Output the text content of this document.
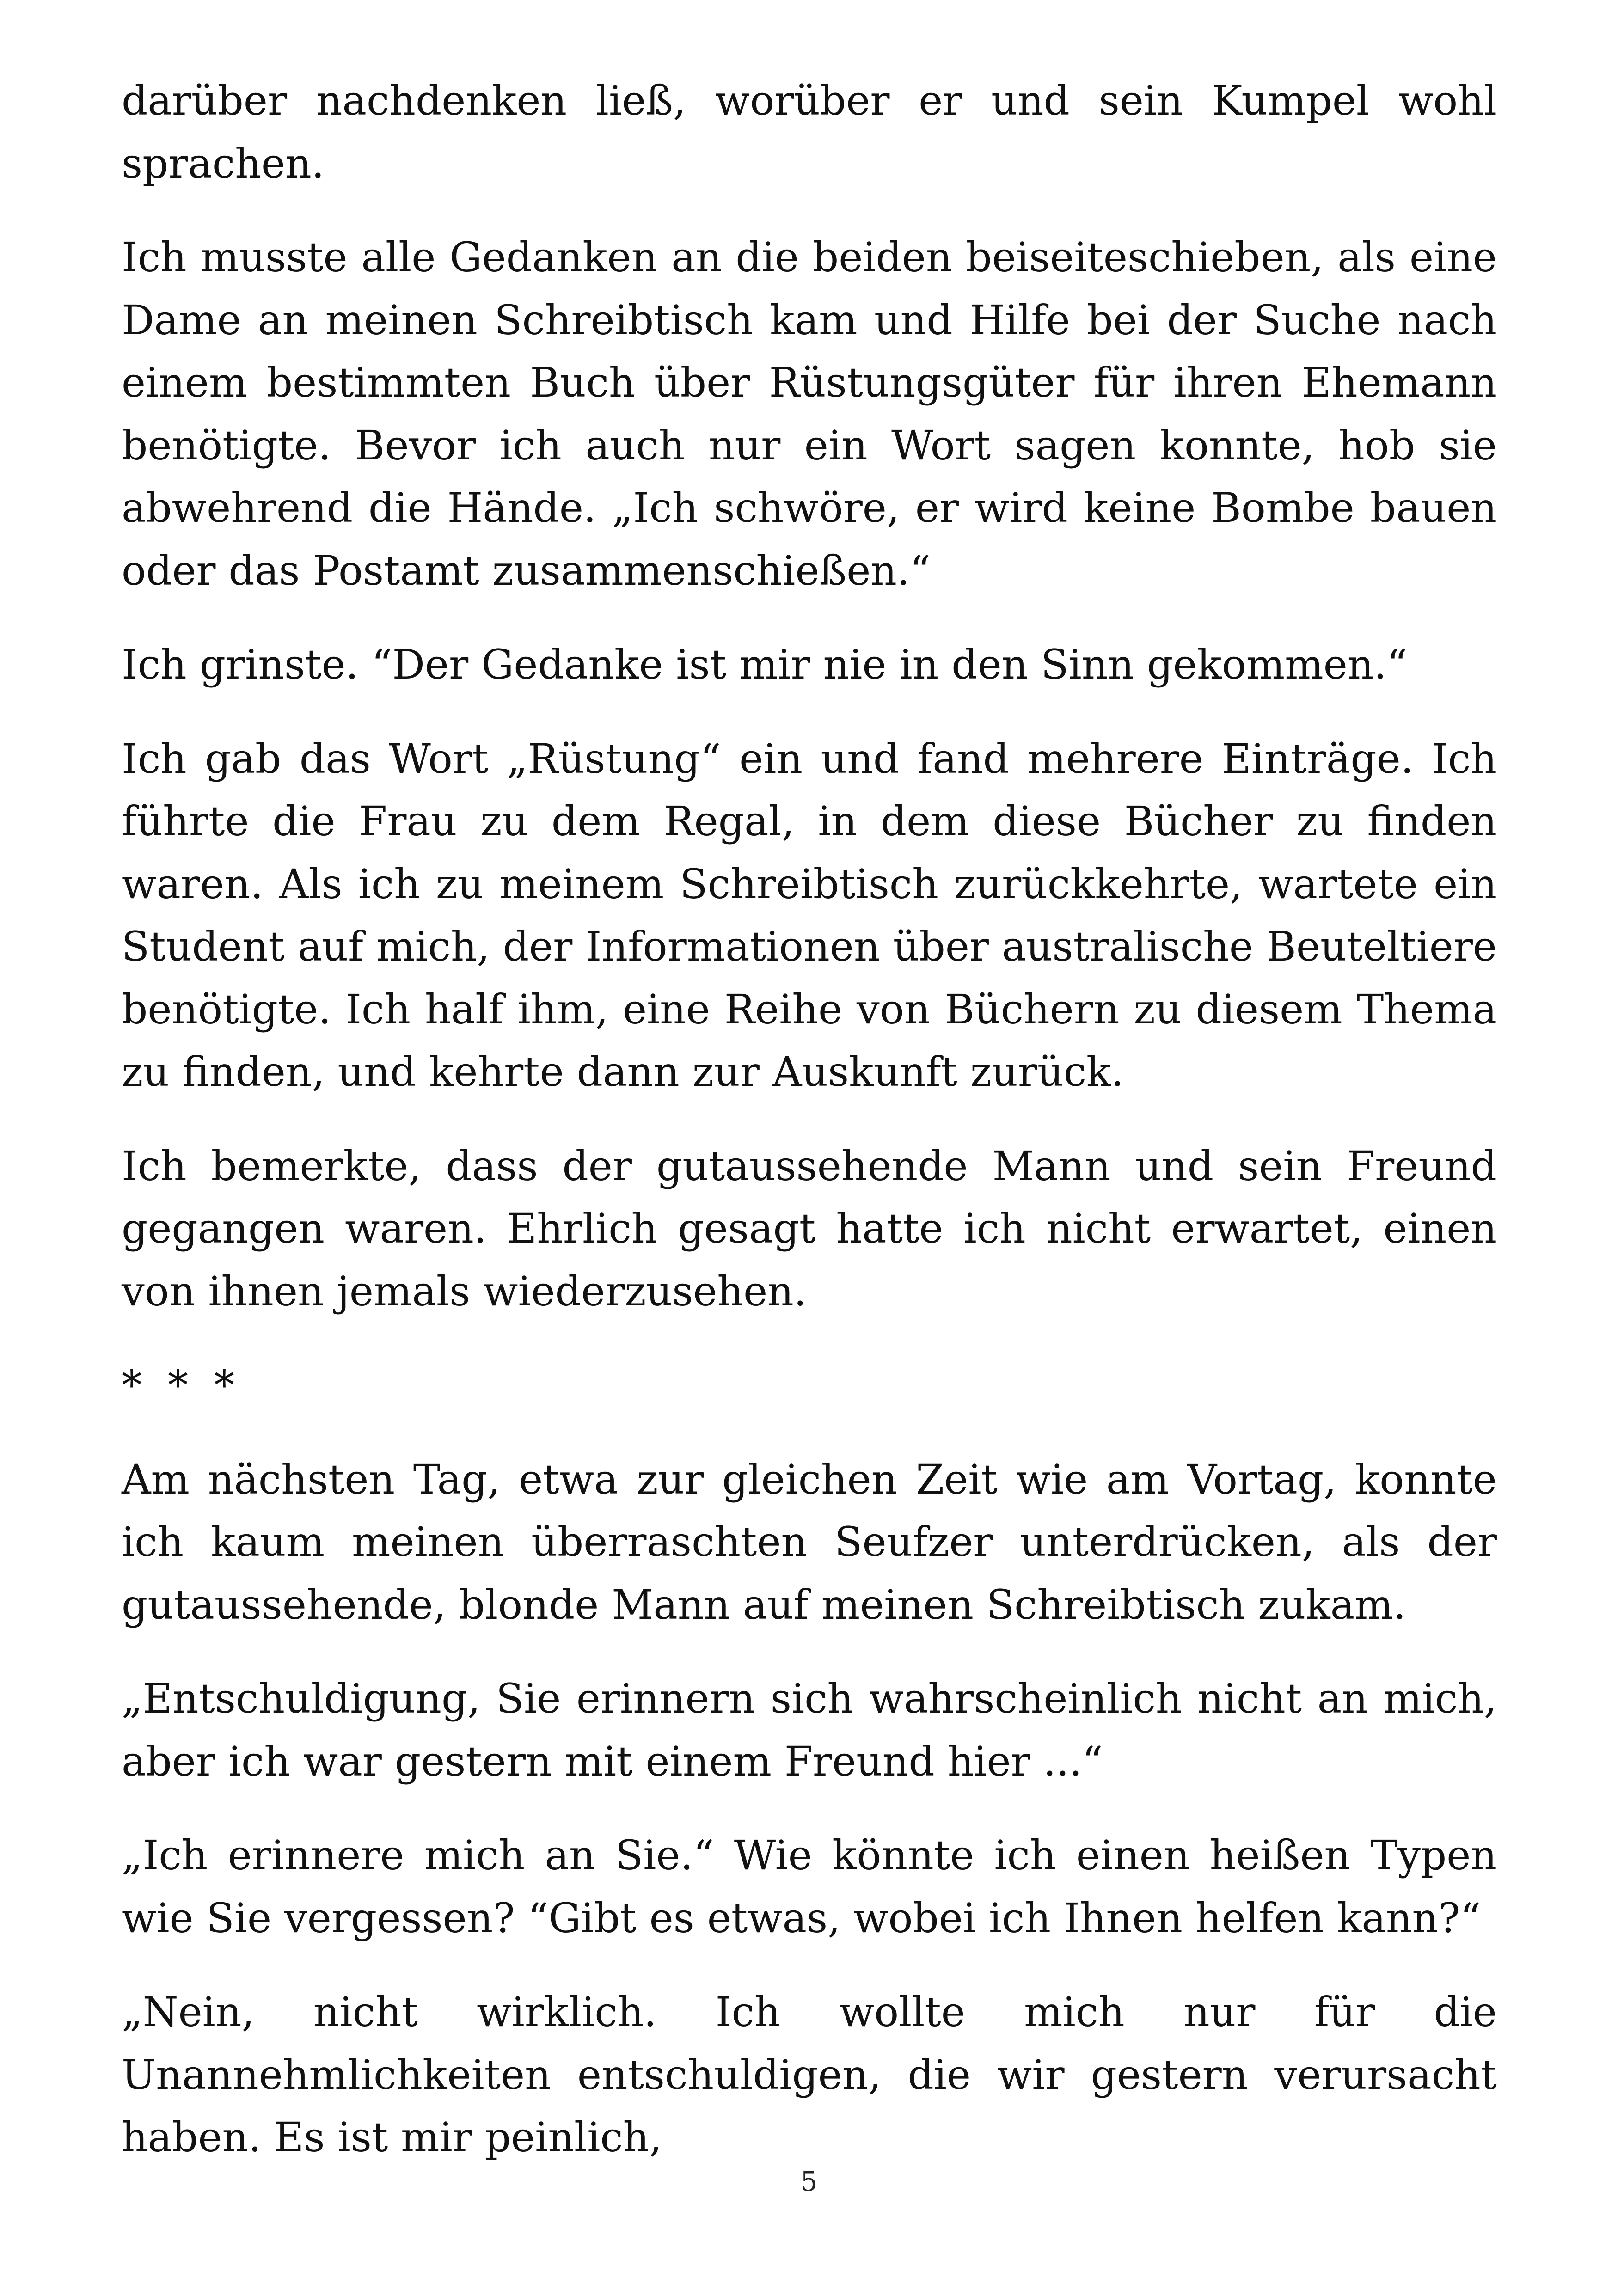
darüber nachdenken ließ, worüber er und sein Kumpel wohl sprachen.

Ich musste alle Gedanken an die beiden beiseiteschieben, als eine Dame an meinen Schreibtisch kam und Hilfe bei der Suche nach einem bestimmten Buch über Rüstungsgüter für ihren Ehemann benötigte. Bevor ich auch nur ein Wort sagen konnte, hob sie abwehrend die Hände. „Ich schwöre, er wird keine Bombe bauen oder das Postamt zusammenschießen.“

Ich grinste. “Der Gedanke ist mir nie in den Sinn gekommen.“

Ich gab das Wort „Rüstung“ ein und fand mehrere Einträge. Ich führte die Frau zu dem Regal, in dem diese Bücher zu finden waren. Als ich zu meinem Schreibtisch zurückkehrte, wartete ein Student auf mich, der Informationen über australische Beuteltiere benötigte. Ich half ihm, eine Reihe von Büchern zu diesem Thema zu finden, und kehrte dann zur Auskunft zurück.

Ich bemerkte, dass der gutaussehende Mann und sein Freund gegangen waren. Ehrlich gesagt hatte ich nicht erwartet, einen von ihnen jemals wiederzusehen.

* * *

Am nächsten Tag, etwa zur gleichen Zeit wie am Vortag, konnte ich kaum meinen überraschten Seufzer unterdrücken, als der gutaussehende, blonde Mann auf meinen Schreibtisch zukam.

„Entschuldigung, Sie erinnern sich wahrscheinlich nicht an mich, aber ich war gestern mit einem Freund hier ...“

„Ich erinnere mich an Sie.“ Wie könnte ich einen heißen Typen wie Sie vergessen? “Gibt es etwas, wobei ich Ihnen helfen kann?“

„Nein, nicht wirklich. Ich wollte mich nur für die Unannehmlichkeiten entschuldigen, die wir gestern verursacht haben. Es ist mir peinlich,

5
